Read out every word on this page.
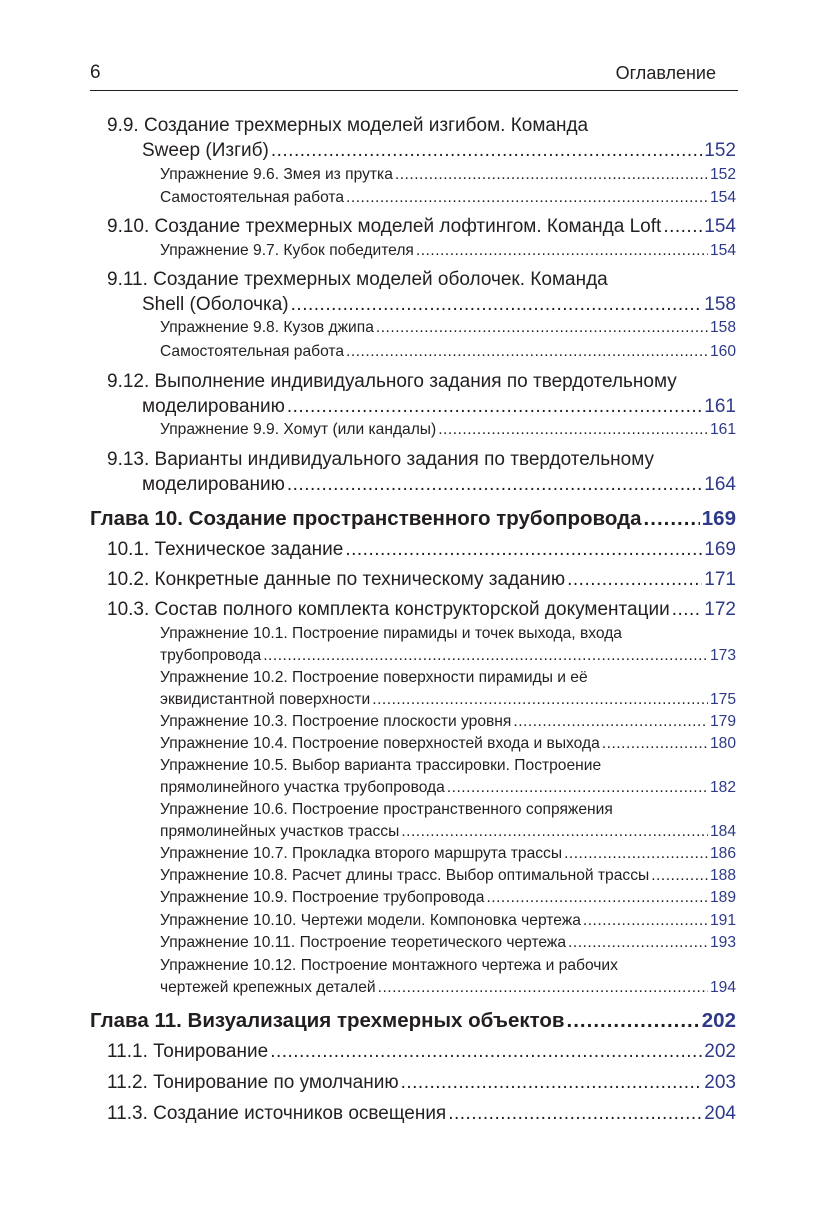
6	Оглавление
9.9. Создание трехмерных моделей изгибом. Команда
Sweep (Изгиб) .....	152
Упражнение 9.6. Змея из прутка .....	152
Самостоятельная работа .....	154
9.10. Создание трехмерных моделей лофтингом. Команда Loft ..... 154
Упражнение 9.7. Кубок победителя .....	154
9.11. Создание трехмерных моделей оболочек. Команда
Shell (Оболочка) .....	158
Упражнение 9.8. Кузов джипа .....	158
Самостоятельная работа .....	160
9.12. Выполнение индивидуального задания по твердотельному
моделированию .....	161
Упражнение 9.9. Хомут (или кандалы) .....	161
9.13. Варианты индивидуального задания по твердотельному
моделированию .....	164
Глава 10. Создание пространственного трубопровода .....	169
10.1. Техническое задание .....	169
10.2. Конкретные данные по техническому заданию .....	171
10.3. Состав полного комплекта конструкторской документации ..... 172
Упражнение 10.1. Построение пирамиды и точек выхода, входа
трубопровода .....	173
Упражнение 10.2. Построение поверхности пирамиды и её
эквидистантной поверхности .....	175
Упражнение 10.3. Построение плоскости уровня .....	179
Упражнение 10.4. Построение поверхностей входа и выхода .....	180
Упражнение 10.5. Выбор варианта трассировки. Построение
прямолинейного участка трубопровода .....	182
Упражнение 10.6. Построение пространственного сопряжения
прямолинейных участков трассы .....	184
Упражнение 10.7. Прокладка второго маршрута трассы .....	186
Упражнение 10.8. Расчет длины трасс. Выбор оптимальной трассы .....	188
Упражнение 10.9. Построение трубопровода .....	189
Упражнение 10.10. Чертежи модели. Компоновка чертежа .....	191
Упражнение 10.11. Построение теоретического чертежа .....	193
Упражнение 10.12. Построение монтажного чертежа и рабочих
чертежей крепежных деталей .....	194
Глава 11. Визуализация трехмерных объектов .....	202
11.1. Тонирование .....	202
11.2. Тонирование по умолчанию .....	203
11.3. Создание источников освещения .....	204
